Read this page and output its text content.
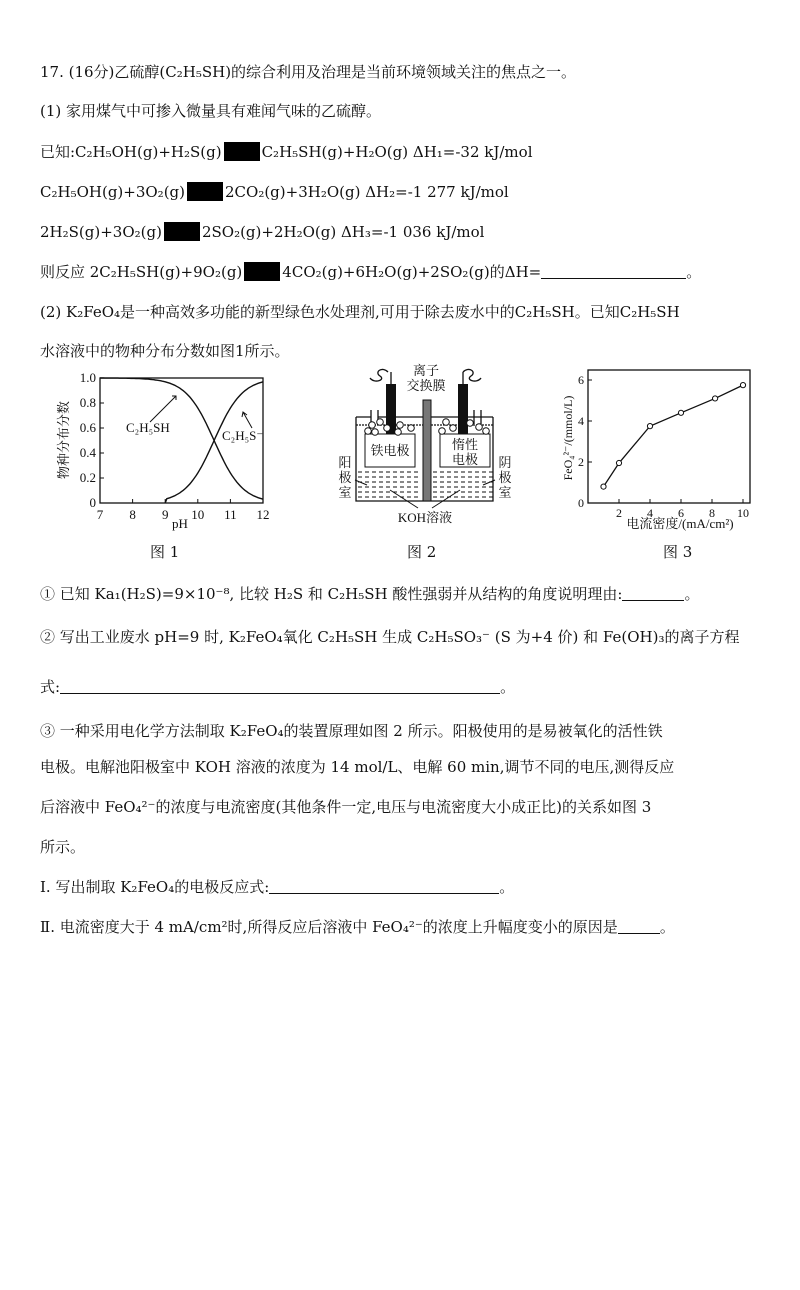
17. (16分)乙硫醇(C₂H₅SH)的综合利用及治理是当前环境领域关注的焦点之一。
(1) 家用煤气中可掺入微量具有难闻气味的乙硫醇。
已知:C₂H₅OH(g)+H₂S(g)	C₂H₅SH(g)+H₂O(g) ΔH₁=-32 kJ/mol
C₂H₅OH(g)+3O₂(g)	2CO₂(g)+3H₂O(g) ΔH₂=-1 277 kJ/mol
2H₂S(g)+3O₂(g)	2SO₂(g)+2H₂O(g) ΔH₃=-1 036 kJ/mol
则反应 2C₂H₅SH(g)+9O₂(g)	4CO₂(g)+6H₂O(g)+2SO₂(g)的ΔH=	。
(2) K₂FeO₄是一种高效多功能的新型绿色水处理剂,可用于除去废水中的C₂H₅SH。已知C₂H₅SH
水溶液中的物种分布分数如图1所示。
7 8 9 10 11 12
0
0.2
0.4
0.6
0.8
1.0
pH
物种分布分数	C₂H₅SH
C₂H₅S⁻
离子
交换膜
铁电极	惰性
电极
阳
极
室
阴
极
室
KOH溶液	2 4 6 8 10
0
2
4
6
电流密度/(mA/cm²)
FeO₄²⁻/(mmol/L)
图 1	图 2	图 3
① 已知 Ka₁(H₂S)=9×10⁻⁸, 比较 H₂S 和 C₂H₅SH 酸性强弱并从结构的角度说明理由:	。
② 写出工业废水 pH=9 时, K₂FeO₄氧化 C₂H₅SH 生成 C₂H₅SO₃⁻ (S 为+4 价) 和 Fe(OH)₃的离子方程
式:	。
③ 一种采用电化学方法制取 K₂FeO₄的装置原理如图 2 所示。阳极使用的是易被氧化的活性铁
电极。电解池阳极室中 KOH 溶液的浓度为 14 mol/L、电解 60 min,调节不同的电压,测得反应
后溶液中 FeO₄²⁻的浓度与电流密度(其他条件一定,电压与电流密度大小成正比)的关系如图 3
所示。
Ⅰ. 写出制取 K₂FeO₄的电极反应式:	。
Ⅱ. 电流密度大于 4 mA/cm²时,所得反应后溶液中 FeO₄²⁻的浓度上升幅度变小的原因是	。
